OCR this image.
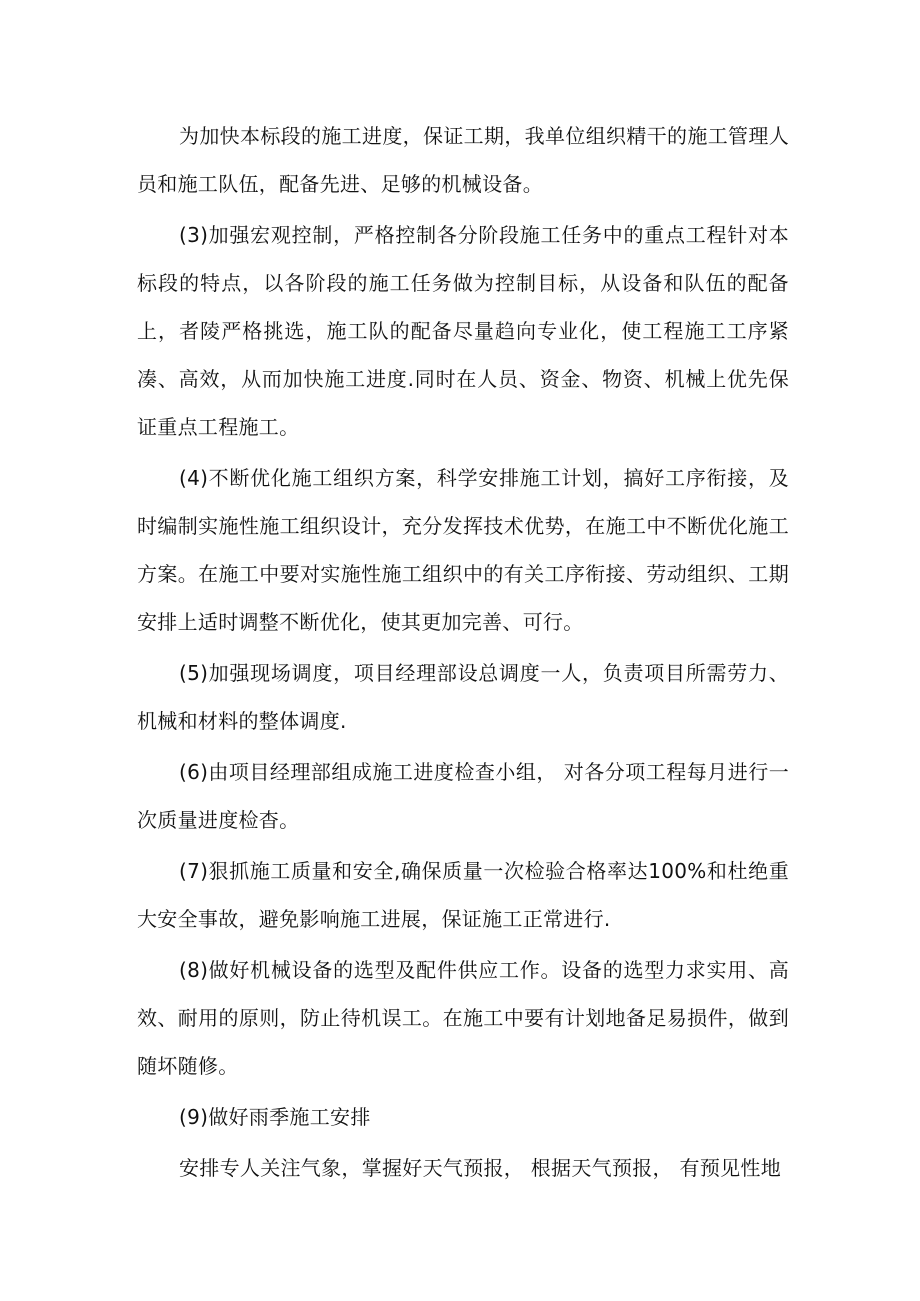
为加快本标段的施工进度，保证工期，我单位组织精干的施工管理人员和施工队伍，配备先进、足够的机械设备。

(3)加强宏观控制，严格控制各分阶段施工任务中的重点工程针对本标段的特点，以各阶段的施工任务做为控制目标，从设备和队伍的配备上，者陵严格挑选，施工队的配备尽量趋向专业化，使工程施工工序紧凑、高效，从而加快施工进度.同时在人员、资金、物资、机械上优先保证重点工程施工。

(4)不断优化施工组织方案，科学安排施工计划，搞好工序衔接，及时编制实施性施工组织设计，充分发挥技术优势，在施工中不断优化施工方案。在施工中要对实施性施工组织中的有关工序衔接、劳动组织、工期安排上适时调整不断优化，使其更加完善、可行。

(5)加强现场调度，项目经理部设总调度一人，负责项目所需劳力、机械和材料的整体调度.

(6)由项目经理部组成施工进度检查小组， 对各分项工程每月进行一次质量进度检杳。

(7)狠抓施工质量和安全,确保质量一次检验合格率达100%和杜绝重大安全事故，避免影响施工进展，保证施工正常进行.

(8)做好机械设备的选型及配件供应工作。设备的选型力求实用、高效、耐用的原则，防止待机误工。在施工中要有计划地备足易损件，做到随坏随修。

(9)做好雨季施工安排

安排专人关注气象，掌握好天气预报， 根据天气预报， 有预见性地
